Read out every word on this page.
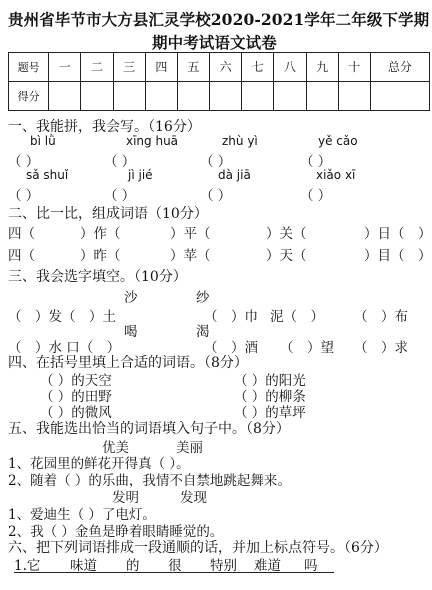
贵州省毕节市大方县汇灵学校2020-2021学年二年级下学期
期中考试语文试卷
题号	一	二	三	四	五	六	七	八	九	十	总分
得分											
一、我能拼，我会写。（16分）
bì lǜ	xīng huā	zhù yì	yě cǎo
（ ）	（ ）	（ ）	（ ）
sǎ shuǐ	jì jié	dà jiā	xiǎo xī
（ ）	（ ）	（ ）	（ ）
二、比一比，组成词语（10分）
四（	）作（	）平（	）关（	）日（ ）
四（	）昨（	）苹（	）天（	）目（ ）
三、我会选字填空。（10分）
沙	纱
（　）发（　）土	（　）巾 泥（　） （　）布
喝	渴
（　）水 口（　）	（　）酒 （　）望 （　）求
四、在括号里填上合适的词语。（8分）
（ ）的天空
（ ）的田野
（ ）的微风
（ ）的阳光
（ ）的柳条
（ ）的草坪
五、我能选出恰当的词语填入句子中。（8分）
优美	美丽
1、花园里的鲜花开得真（ ）。
2、随着（ ）的乐曲，我情不自禁地跳起舞来。
发明	发现
1、爱迪生（ ）了电灯。
2、我（ ）金鱼是睁着眼睛睡觉的。
六、把下列词语排成一段通顺的话，并加上标点符号。（6分）
1.它 味道 的 很 特别 难道 吗
